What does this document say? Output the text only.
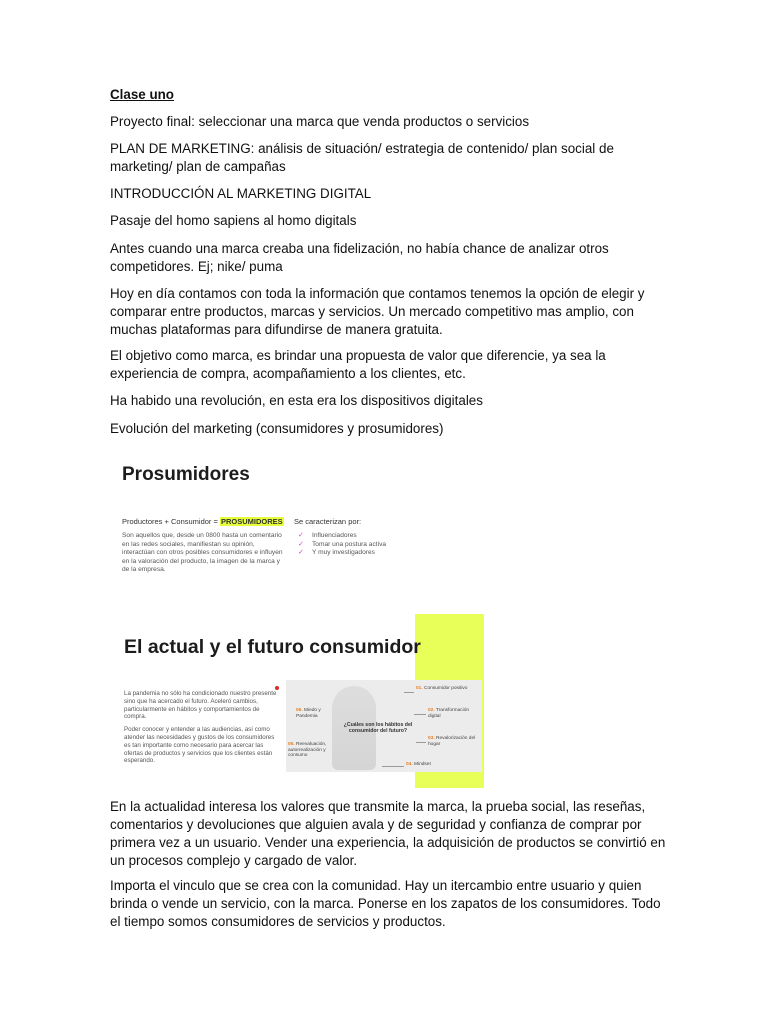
Clase uno

Proyecto final: seleccionar una marca que venda productos o servicios

PLAN DE MARKETING: análisis de situación/ estrategia de contenido/ plan social de marketing/ plan de campañas

INTRODUCCIÓN AL MARKETING DIGITAL

Pasaje del homo sapiens al homo digitals

Antes cuando una marca creaba una fidelización, no había chance de analizar otros competidores. Ej; nike/ puma

Hoy en día contamos con toda la información que contamos tenemos la opción de elegir y comparar entre productos, marcas y servicios. Un mercado competitivo mas amplio, con muchas plataformas para difundirse de manera gratuita.

El objetivo como marca, es brindar una propuesta de valor que diferencie, ya sea la experiencia de compra, acompañamiento a los clientes, etc.

Ha habido una revolución, en esta era los dispositivos digitales

Evolución del marketing (consumidores y prosumidores)

Prosumidores
Productores + Consumidor = PROSUMIDORES
Son aquellos que, desde un 0800 hasta un comentario en las redes sociales, manifiestan su opinión, interactúan con otros posibles consumidores e influyen en la valoración del producto, la imagen de la marca y de la empresa.
Se caracterizan por:
✓ Influenciadores
✓ Tomar una postura activa
✓ Y muy investigadores
El actual y el futuro consumidor

La pandemia no sólo ha condicionado nuestro presente sino que ha acercado el futuro. Aceleró cambios, particularmente en hábitos y comportamientos de compra.

Poder conocer y entender a las audiencias, así como atender las necesidades y gustos de los consumidores es tan importante como necesario para acercar las ofertas de productos y servicios que los clientes están esperando.

¿Cuáles son los hábitos del consumidor del futuro?
01. Consumidor positivo
02. Transformación digital
03. Revalorización del hogar
04. Mindset
05. Reevaluación, autorrealización y consumo
06. Miedo y Pandemia

En la actualidad interesa los valores que transmite la marca, la prueba social, las reseñas, comentarios y devoluciones que alguien avala y de seguridad y confianza de comprar por primera vez a un usuario. Vender una experiencia, la adquisición de productos se convirtió en un procesos complejo y cargado de valor.

Importa el vinculo que se crea con la comunidad. Hay un itercambio entre usuario y quien brinda o vende un servicio, con la marca. Ponerse en los zapatos de los consumidores. Todo el tiempo somos consumidores de servicios y productos.
